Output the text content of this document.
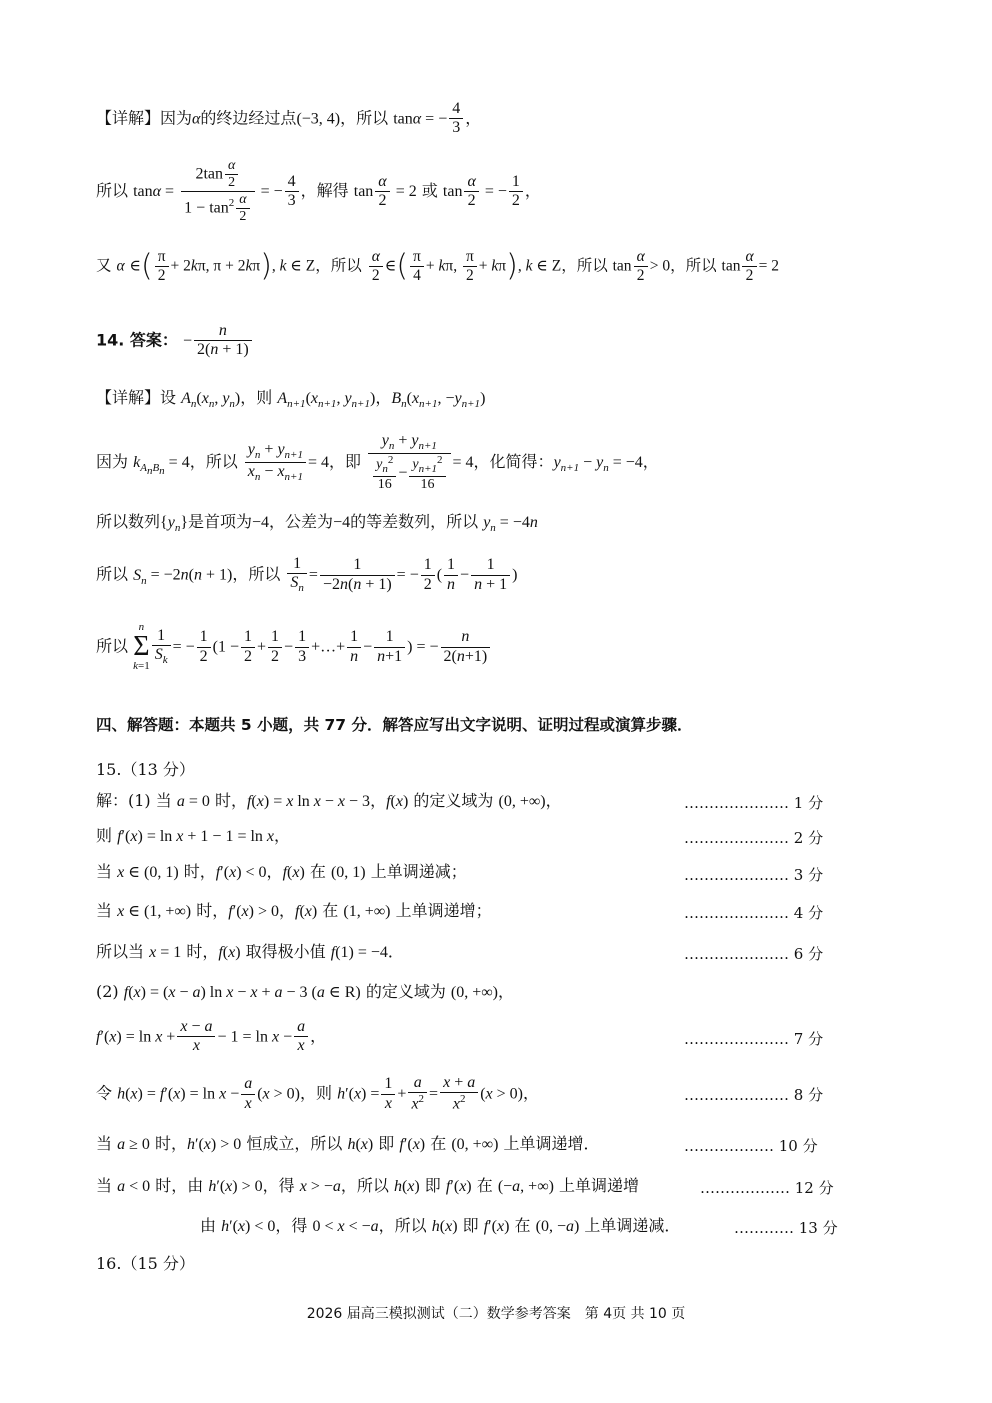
【详解】因为α的终边经过点(−3, 4)，所以 tanα = − $\frac{4}{3}$ ，
所以 $\tan\alpha = \frac{2\tan \frac{\alpha}{2}}{1 - \tan^2 \frac{\alpha}{2}}$ = − $\frac{4}{3}$ ，解得 $\tan \frac{\alpha}{2} = 2$ 或 $\tan \frac{\alpha}{2}$ = − $\frac{1}{2}$ ，
又 α ∈( $\frac{\pi}{2} + 2k\pi$, π + 2kπ), k ∈ Z，所以 $\frac{\alpha}{2}$ ∈( $\frac{\pi}{4} + k\pi$, $\frac{\pi}{2} + k\pi$), k ∈ Z，所以 $\tan \frac{\alpha}{2} > 0$，所以 $\tan \frac{\alpha}{2} = 2$
14. 答案： − $\frac{n}{2(n + 1)}$
【详解】设 $A_n(x_n$, $y_n$)，则 $A_{n+1}(x_{n+1}$, $y_{n+1}$)，$B_n(x_{n+1}$, $-y_{n+1}$)
因为 $k_{A_nB_n} = 4$，所以 $\frac{y_n + y_{n+1}}{x_n - x_{n+1}} = 4$，即 $\frac{y_n + y_{n+1}}{\frac{y_n^2}{16} - \frac{y_{n+1}^2}{16}} = 4$，化简得：$y_{n+1} - y_n = -4$，
所以数列$\{y_n\}$是首项为−4，公差为−4的等差数列，所以 $y_n = -4n$
所以 $S_n = -2n(n + 1)$，所以 $\frac{1}{S_n} = \frac{1}{-2n(n + 1)}$ = − $\frac{1}{2}$ ( $\frac{1}{n} - \frac{1}{n + 1}$ )
所以
n
Σ
$k=1 \frac{1}{S_k}$ = − $\frac{1}{2} (1 - \frac{1}{2} + \frac{1}{2} - \frac{1}{3}$ +…+ $\frac{1}{n} - \frac{1}{n+1}$ ) = − $\frac{n}{2(n+1)}$
四、解答题：本题共 5 小题，共 77 分．解答应写出文字说明、证明过程或演算步骤．
15.（13 分）
解：(1) 当 a = 0 时，f(x) = x ln x − x − 3，f(x) 的定义域为 (0, +∞)，	………………… 1 分
则 f′(x) = ln x + 1 − 1 = ln x，	………………… 2 分
当 x ∈ (0, 1) 时，f′(x) < 0，f(x) 在 (0, 1) 上单调递减；	………………… 3 分
当 x ∈ (1, +∞) 时，f′(x) > 0，f(x) 在 (1, +∞) 上单调递增；	………………… 4 分
所以当 x = 1 时，f(x) 取得极小值 f(1) = −4．	………………… 6 分
(2) f(x) = (x − a) ln x − x + a − 3 (a ∈ R) 的定义域为 (0, +∞)，
$f'(x) = \ln x + \frac{x - a}{x} - 1 = \ln x - \frac{a}{x}$ ，	………………… 7 分
令 $h(x) = f'(x) = \ln x - \frac{a}{x} (x > 0)$，则 $h'(x) = \frac{1}{x} + \frac{a}{x^2} = \frac{x + a}{x^2} (x > 0)$，	………………… 8 分
当 a ≥ 0 时，h′(x) > 0 恒成立，所以 h(x) 即 f′(x) 在 (0, +∞) 上单调递增．	……………… 10 分
当 a < 0 时，由 h′(x) > 0，得 x > −a，所以 h(x) 即 f′(x) 在 (−a, +∞) 上单调递增	……………… 12 分
由 h′(x) < 0，得 0 < x < −a，所以 h(x) 即 f′(x) 在 (0, −a) 上单调递减．	………… 13 分
16.（15 分）
2026 届高三模拟测试（二）数学参考答案　第 4页 共 10 页
